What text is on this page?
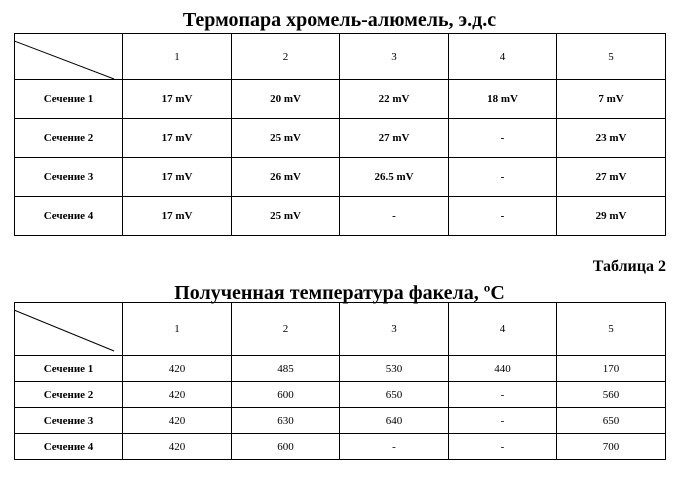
Термопара хромель-алюмель, э.д.с
	1	2	3	4	5
Сечение 1	17 mV	20 mV	22 mV	18 mV	7 mV
Сечение 2	17 mV	25 mV	27 mV	-	23 mV
Сечение 3	17 mV	26 mV	26.5 mV	-	27 mV
Сечение 4	17 mV	25 mV	-	-	29 mV
Таблица 2
Полученная температура факела, ºС
	1	2	3	4	5
Сечение 1	420	485	530	440	170
Сечение 2	420	600	650	-	560
Сечение 3	420	630	640	-	650
Сечение 4	420	600	-	-	700
